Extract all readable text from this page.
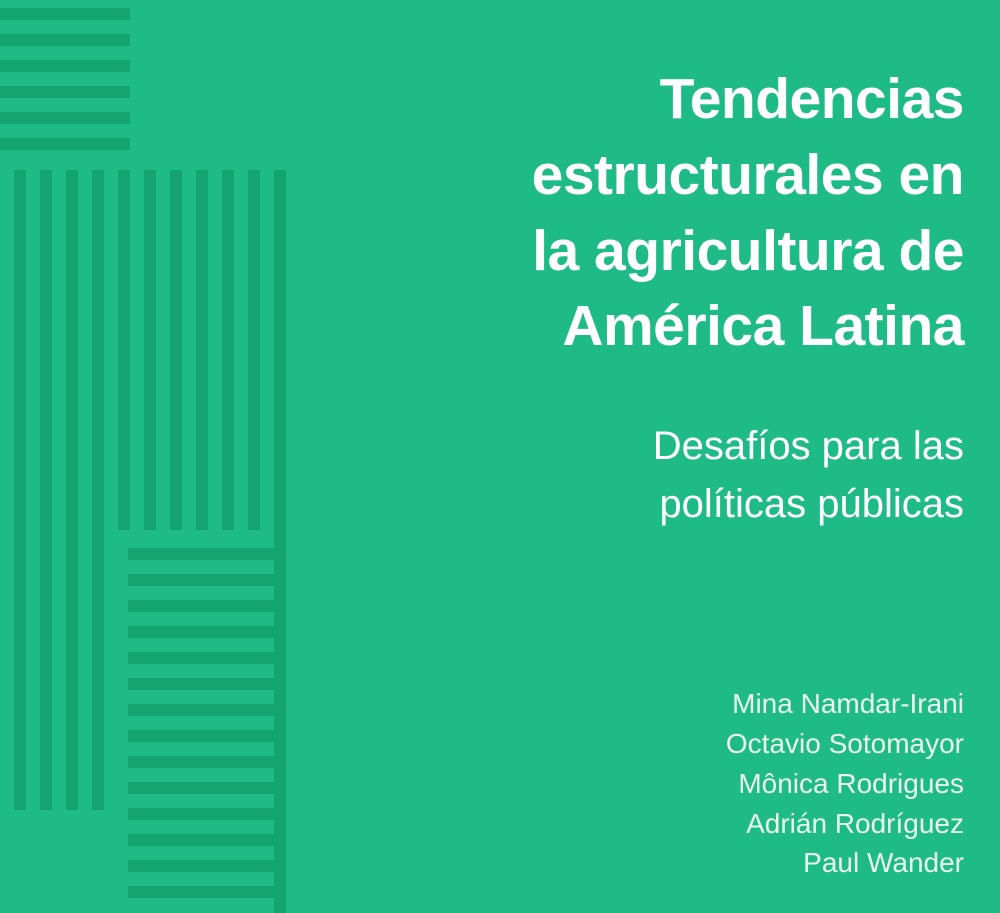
Tendencias
estructurales en
la agricultura de
América Latina
Desafíos para las
políticas públicas
Mina Namdar-Irani
Octavio Sotomayor
Mônica Rodrigues
Adrián Rodríguez
Paul Wander
